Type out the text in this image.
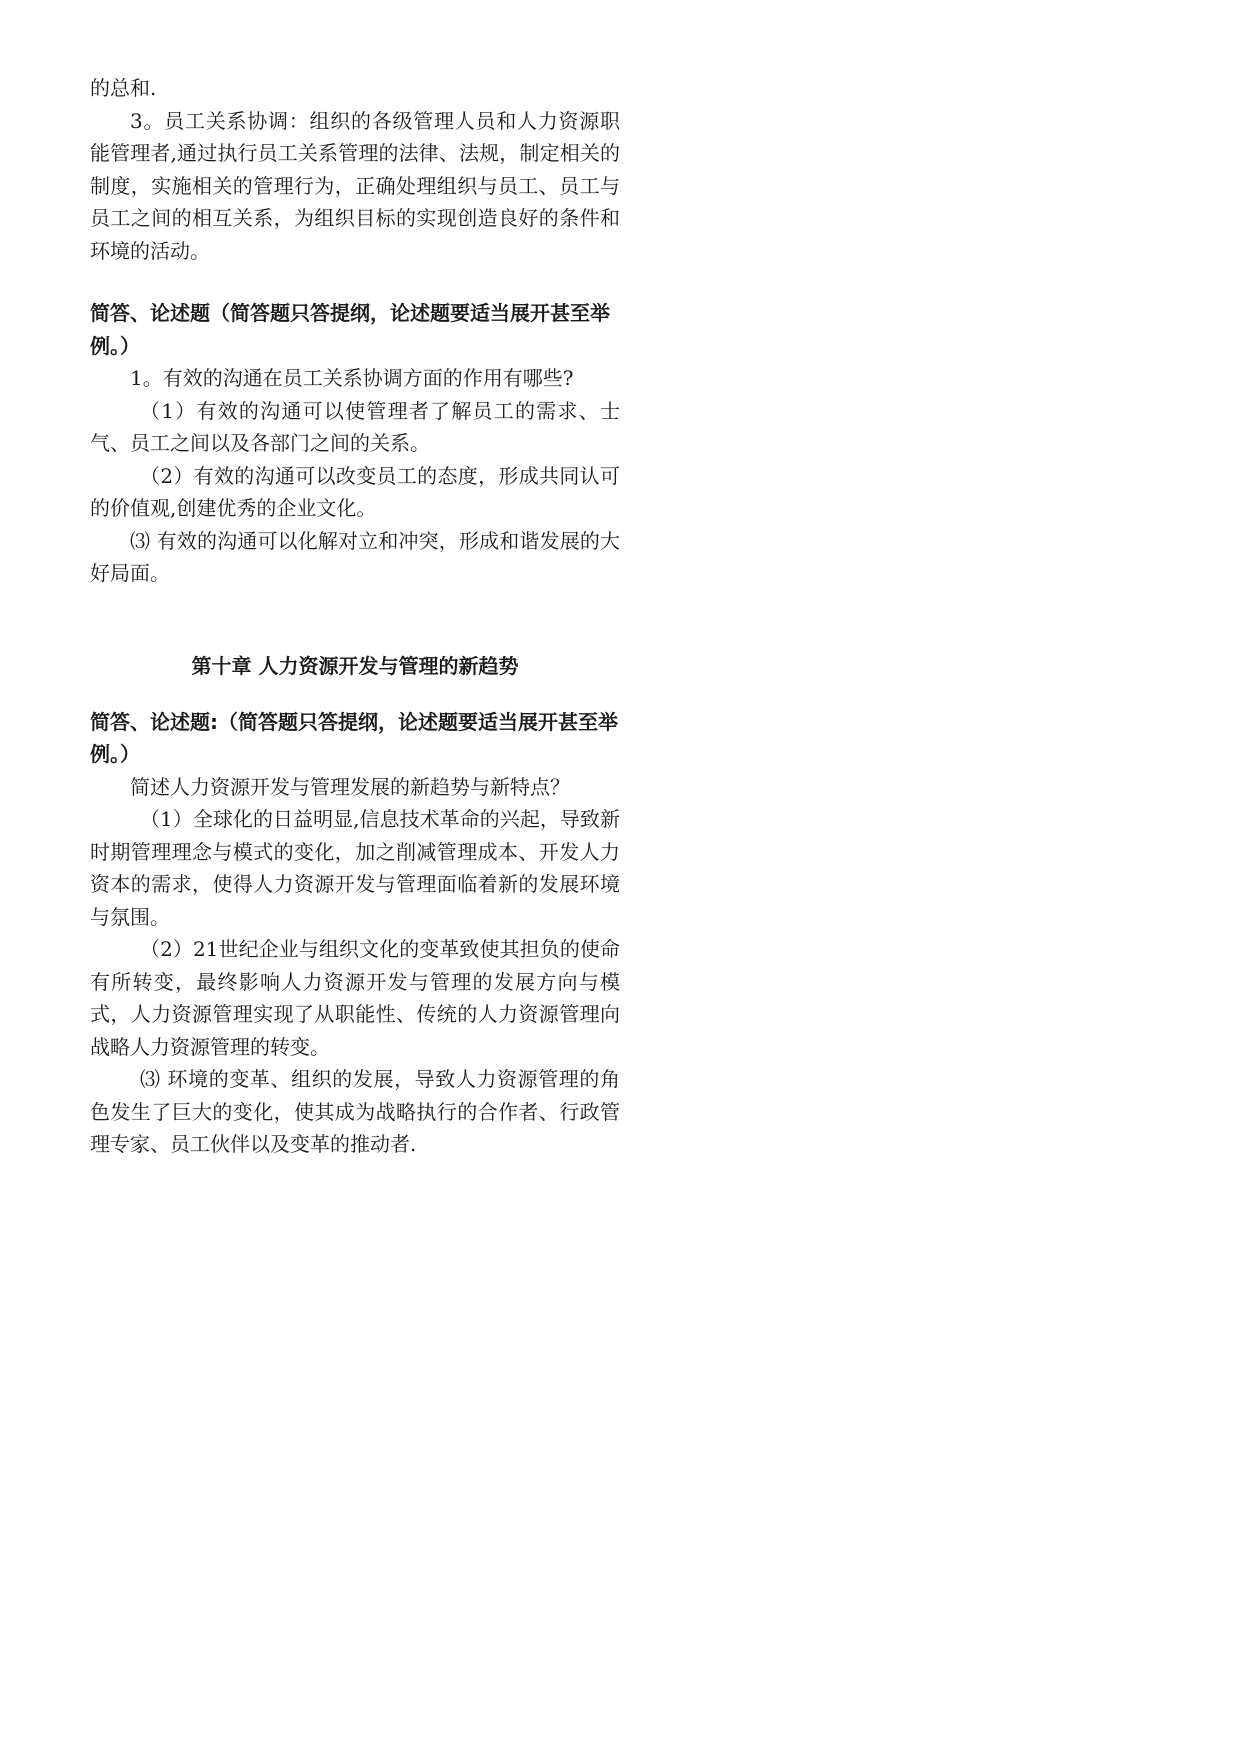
的总和.

3。员工关系协调：组织的各级管理人员和人力资源职能管理者,通过执行员工关系管理的法律、法规，制定相关的制度，实施相关的管理行为，正确处理组织与员工、员工与员工之间的相互关系，为组织目标的实现创造良好的条件和环境的活动。

简答、论述题（简答题只答提纲，论述题要适当展开甚至举例。）

1。有效的沟通在员工关系协调方面的作用有哪些?

（1）有效的沟通可以使管理者了解员工的需求、士气、员工之间以及各部门之间的关系。

（2）有效的沟通可以改变员工的态度，形成共同认可的价值观,创建优秀的企业文化。

⑶ 有效的沟通可以化解对立和冲突，形成和谐发展的大好局面。

第十章 人力资源开发与管理的新趋势

简答、论述题:（简答题只答提纲，论述题要适当展开甚至举例。）

简述人力资源开发与管理发展的新趋势与新特点？

（1）全球化的日益明显,信息技术革命的兴起，导致新时期管理理念与模式的变化，加之削减管理成本、开发人力资本的需求，使得人力资源开发与管理面临着新的发展环境与氛围。

（2）21世纪企业与组织文化的变革致使其担负的使命有所转变，最终影响人力资源开发与管理的发展方向与模式，人力资源管理实现了从职能性、传统的人力资源管理向战略人力资源管理的转变。

⑶ 环境的变革、组织的发展，导致人力资源管理的角色发生了巨大的变化，使其成为战略执行的合作者、行政管理专家、员工伙伴以及变革的推动者.
